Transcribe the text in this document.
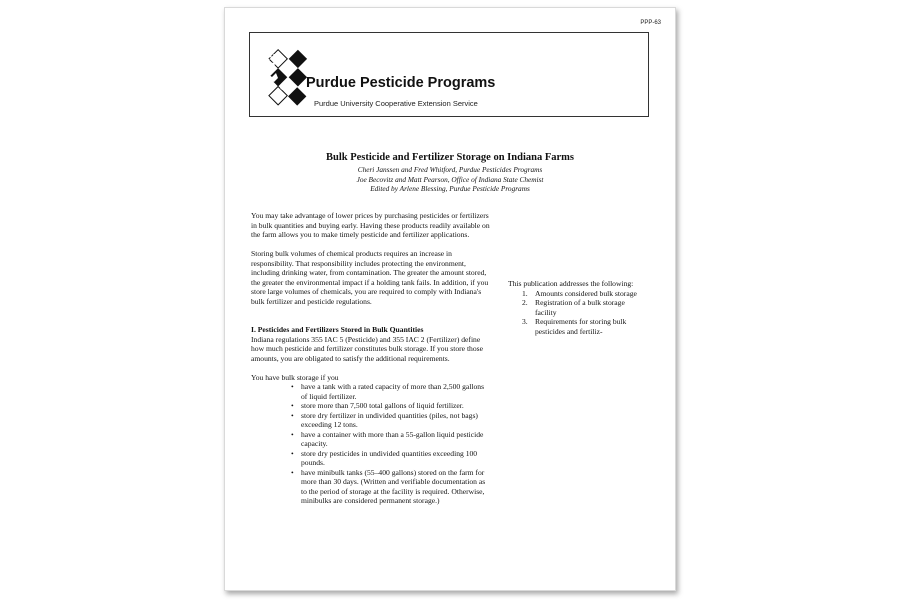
PPP-63
Purdue Pesticide Programs
Purdue University Cooperative Extension Service
Bulk Pesticide and Fertilizer Storage on Indiana Farms
Cheri Janssen and Fred Whitford, Purdue Pesticides Programs
Joe Becovitz and Matt Pearson, Office of Indiana State Chemist
Edited by Arlene Blessing, Purdue Pesticide Programs

You may take advantage of lower prices by purchasing pesticides or fertilizers in bulk quantities and buying early. Having these products readily available on the farm allows you to make timely pesticide and fertilizer applications.

Storing bulk volumes of chemical products requires an increase in responsibility. That responsibility includes protecting the environment, including drinking water, from contamination. The greater the amount stored, the greater the environmental impact if a holding tank fails. In addition, if you store large volumes of chemicals, you are required to comply with Indiana's bulk fertilizer and pesticide regulations.

I. Pesticides and Fertilizers Stored in Bulk Quantities

Indiana regulations 355 IAC 5 (Pesticide) and 355 IAC 2 (Fertilizer) define how much pesticide and fertilizer constitutes bulk storage. If you store those amounts, you are obligated to satisfy the additional requirements.

You have bulk storage if you
• have a tank with a rated capacity of more than 2,500 gallons of liquid fertilizer.
• store more than 7,500 total gallons of liquid fertilizer.
• store dry fertilizer in undivided quantities (piles, not bags) exceeding 12 tons.
• have a container with more than a 55-gallon liquid pesticide capacity.
• store dry pesticides in undivided quantities exceeding 100 pounds.
• have minibulk tanks (55–400 gallons) stored on the farm for more than 30 days. (Written and verifiable documentation as to the period of storage at the facility is required. Otherwise, minibulks are considered permanent storage.)
This publication addresses the following:
1. Amounts considered bulk storage
2. Registration of a bulk storage facility
3. Requirements for storing bulk pesticides and fertiliz-
